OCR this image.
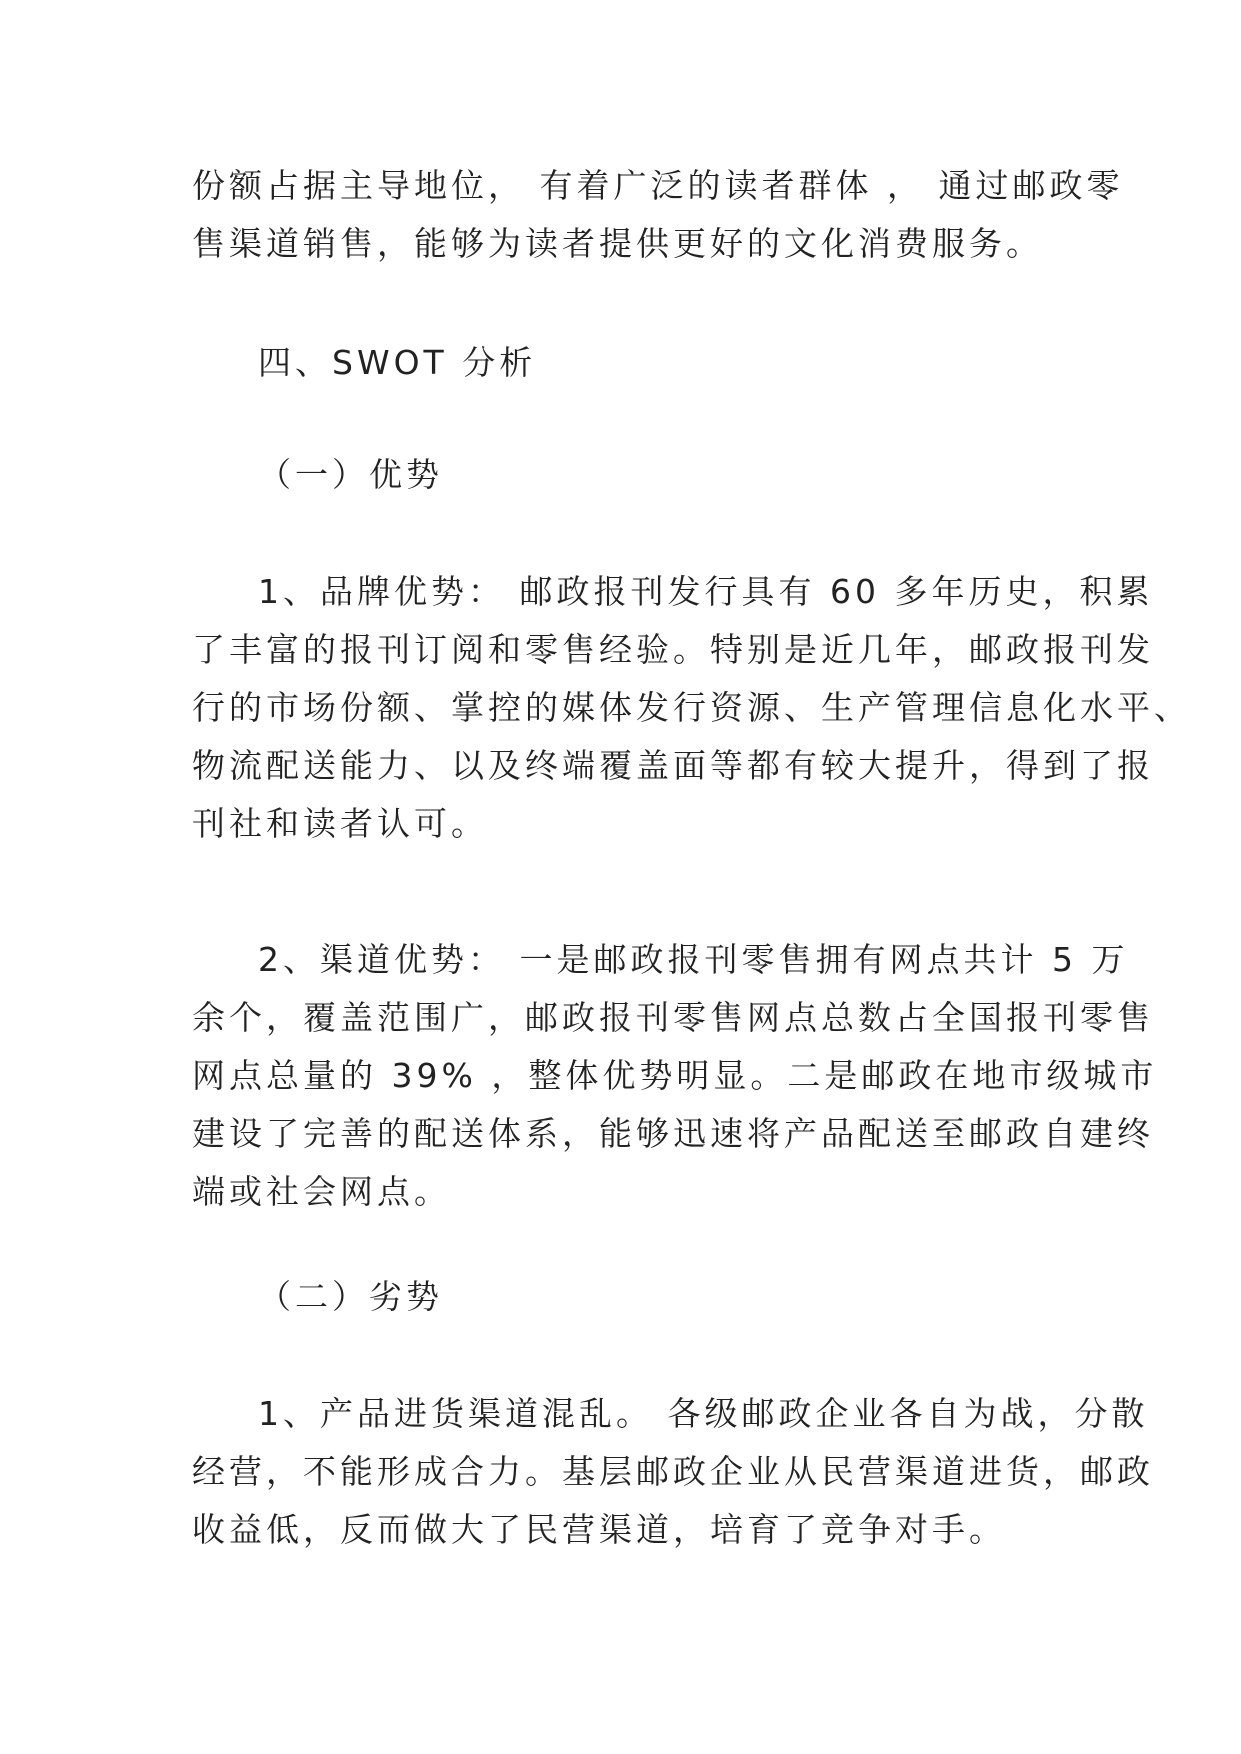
份额占据主导地位， 有着广泛的读者群体 ， 通过邮政零
售渠道销售，能够为读者提供更好的文化消费服务。
四、SWOT 分析
（一）优势
1、品牌优势： 邮政报刊发行具有 60 多年历史，积累
了丰富的报刊订阅和零售经验。特别是近几年，邮政报刊发
行的市场份额、掌控的媒体发行资源、生产管理信息化水平、
物流配送能力、以及终端覆盖面等都有较大提升，得到了报
刊社和读者认可。
2、渠道优势： 一是邮政报刊零售拥有网点共计 5 万
余个，覆盖范围广，邮政报刊零售网点总数占全国报刊零售
网点总量的 39% ，整体优势明显。二是邮政在地市级城市
建设了完善的配送体系，能够迅速将产品配送至邮政自建终
端或社会网点。
（二）劣势
1、产品进货渠道混乱。 各级邮政企业各自为战，分散
经营，不能形成合力。基层邮政企业从民营渠道进货，邮政
收益低，反而做大了民营渠道，培育了竞争对手。
